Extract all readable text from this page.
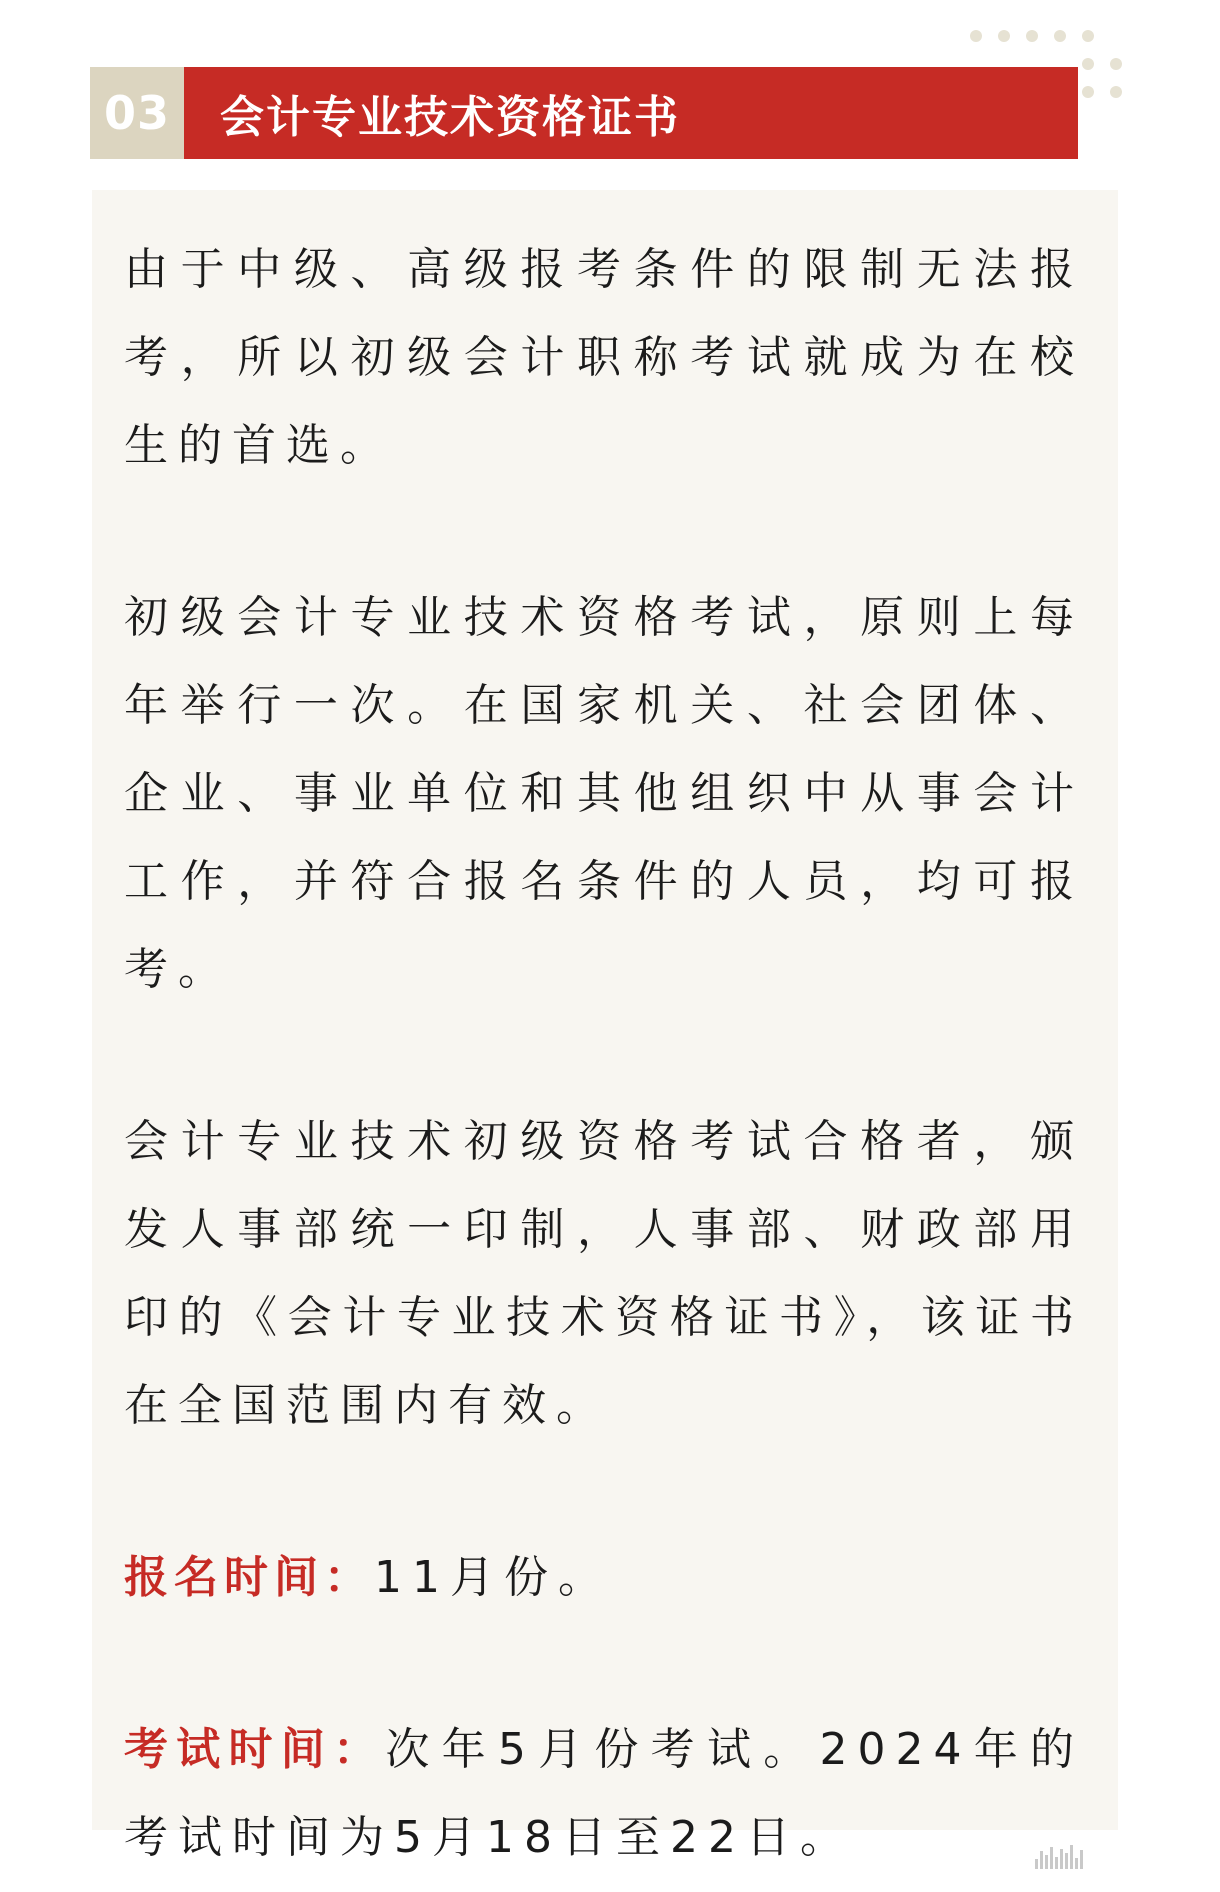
03 会计专业技术资格证书

由于中级、高级报考条件的限制无法报考，所以初级会计职称考试就成为在校生的首选。

初级会计专业技术资格考试，原则上每年举行一次。在国家机关、社会团体、企业、事业单位和其他组织中从事会计工作，并符合报名条件的人员，均可报考。

会计专业技术初级资格考试合格者，颁发人事部统一印制，人事部、财政部用印的《会计专业技术资格证书》，该证书在全国范围内有效。

报名时间：11月份。

考试时间：次年5月份考试。2024年的考试时间为5月18日至22日。
